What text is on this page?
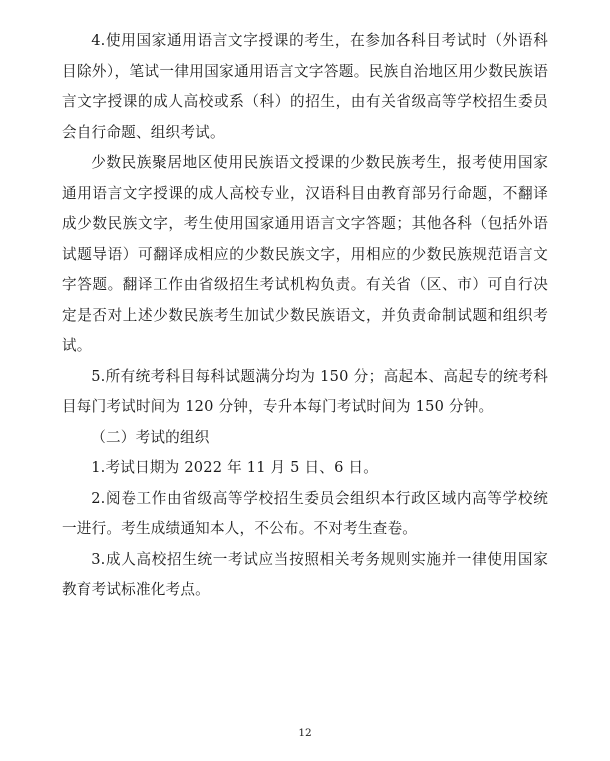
4.使用国家通用语言文字授课的考生，在参加各科目考试时（外语科目除外），笔试一律用国家通用语言文字答题。民族自治地区用少数民族语言文字授课的成人高校或系（科）的招生，由有关省级高等学校招生委员会自行命题、组织考试。

少数民族聚居地区使用民族语文授课的少数民族考生，报考使用国家通用语言文字授课的成人高校专业，汉语科目由教育部另行命题，不翻译成少数民族文字，考生使用国家通用语言文字答题；其他各科（包括外语试题导语）可翻译成相应的少数民族文字，用相应的少数民族规范语言文字答题。翻译工作由省级招生考试机构负责。有关省（区、市）可自行决定是否对上述少数民族考生加试少数民族语文，并负责命制试题和组织考试。

5.所有统考科目每科试题满分均为 150 分；高起本、高起专的统考科目每门考试时间为 120 分钟，专升本每门考试时间为 150 分钟。

（二）考试的组织

1.考试日期为 2022 年 11 月 5 日、6 日。

2.阅卷工作由省级高等学校招生委员会组织本行政区域内高等学校统一进行。考生成绩通知本人，不公布。不对考生查卷。

3.成人高校招生统一考试应当按照相关考务规则实施并一律使用国家教育考试标准化考点。

12
